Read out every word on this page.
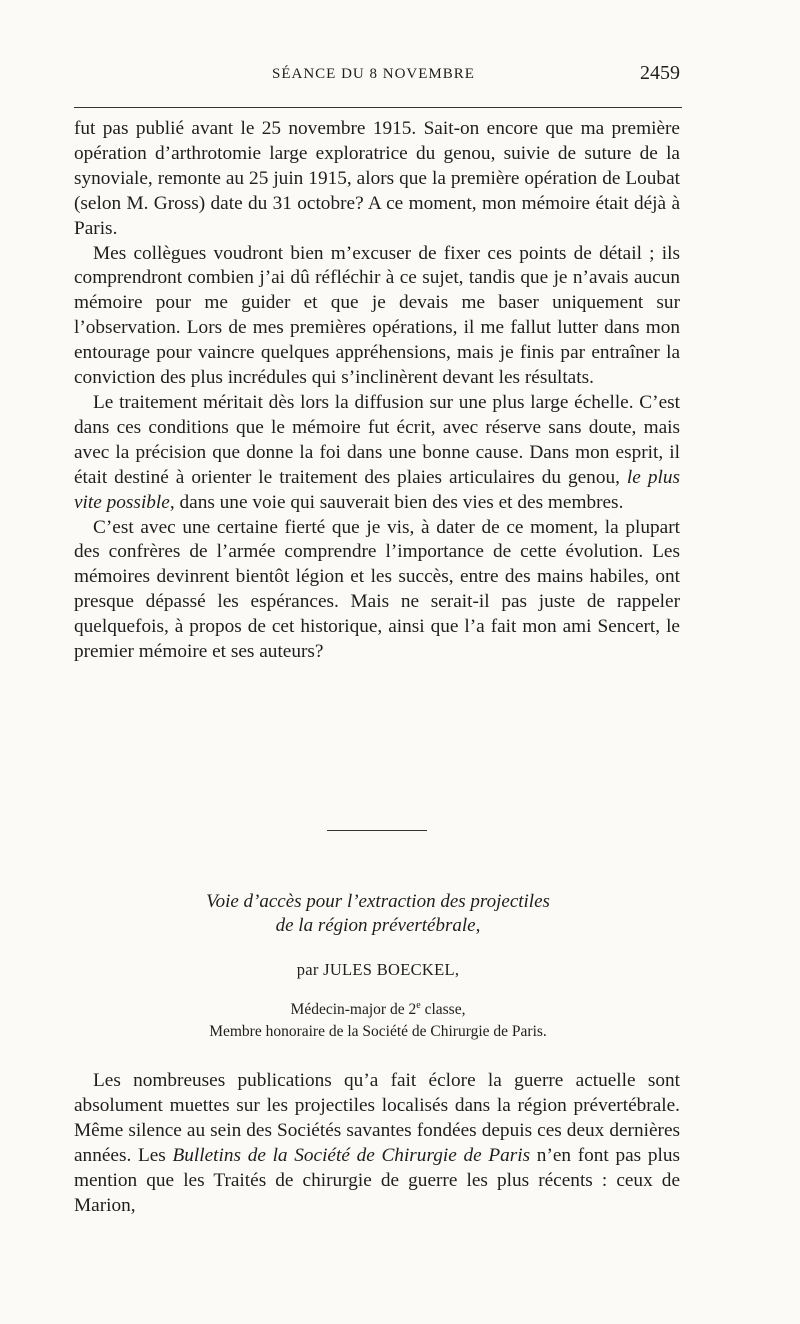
SÉANCE DU 8 NOVEMBRE	2459

fut pas publié avant le 25 novembre 1915. Sait-on encore que ma première opération d’arthrotomie large exploratrice du genou, suivie de suture de la synoviale, remonte au 25 juin 1915, alors que la première opération de Loubat (selon M. Gross) date du 31 octobre? A ce moment, mon mémoire était déjà à Paris.

Mes collègues voudront bien m’excuser de fixer ces points de détail ; ils comprendront combien j’ai dû réfléchir à ce sujet, tandis que je n’avais aucun mémoire pour me guider et que je devais me baser uniquement sur l’observation. Lors de mes premières opérations, il me fallut lutter dans mon entourage pour vaincre quelques appréhensions, mais je finis par entraîner la conviction des plus incrédules qui s’inclinèrent devant les résultats.

Le traitement méritait dès lors la diffusion sur une plus large échelle. C’est dans ces conditions que le mémoire fut écrit, avec réserve sans doute, mais avec la précision que donne la foi dans une bonne cause. Dans mon esprit, il était destiné à orienter le traitement des plaies articulaires du genou, le plus vite possible, dans une voie qui sauverait bien des vies et des membres.

C’est avec une certaine fierté que je vis, à dater de ce moment, la plupart des confrères de l’armée comprendre l’importance de cette évolution. Les mémoires devinrent bientôt légion et les succès, entre des mains habiles, ont presque dépassé les espérances. Mais ne serait-il pas juste de rappeler quelquefois, à propos de cet historique, ainsi que l’a fait mon ami Sencert, le premier mémoire et ses auteurs?

Voie d’accès pour l’extraction des projectiles
de la région prévertébrale,
par JULES BOECKEL,
Médecin-major de 2e classe,
Membre honoraire de la Société de Chirurgie de Paris.

Les nombreuses publications qu’a fait éclore la guerre actuelle sont absolument muettes sur les projectiles localisés dans la région prévertébrale. Même silence au sein des Sociétés savantes fondées depuis ces deux dernières années. Les Bulletins de la Société de Chirurgie de Paris n’en font pas plus mention que les Traités de chirurgie de guerre les plus récents : ceux de Marion,
